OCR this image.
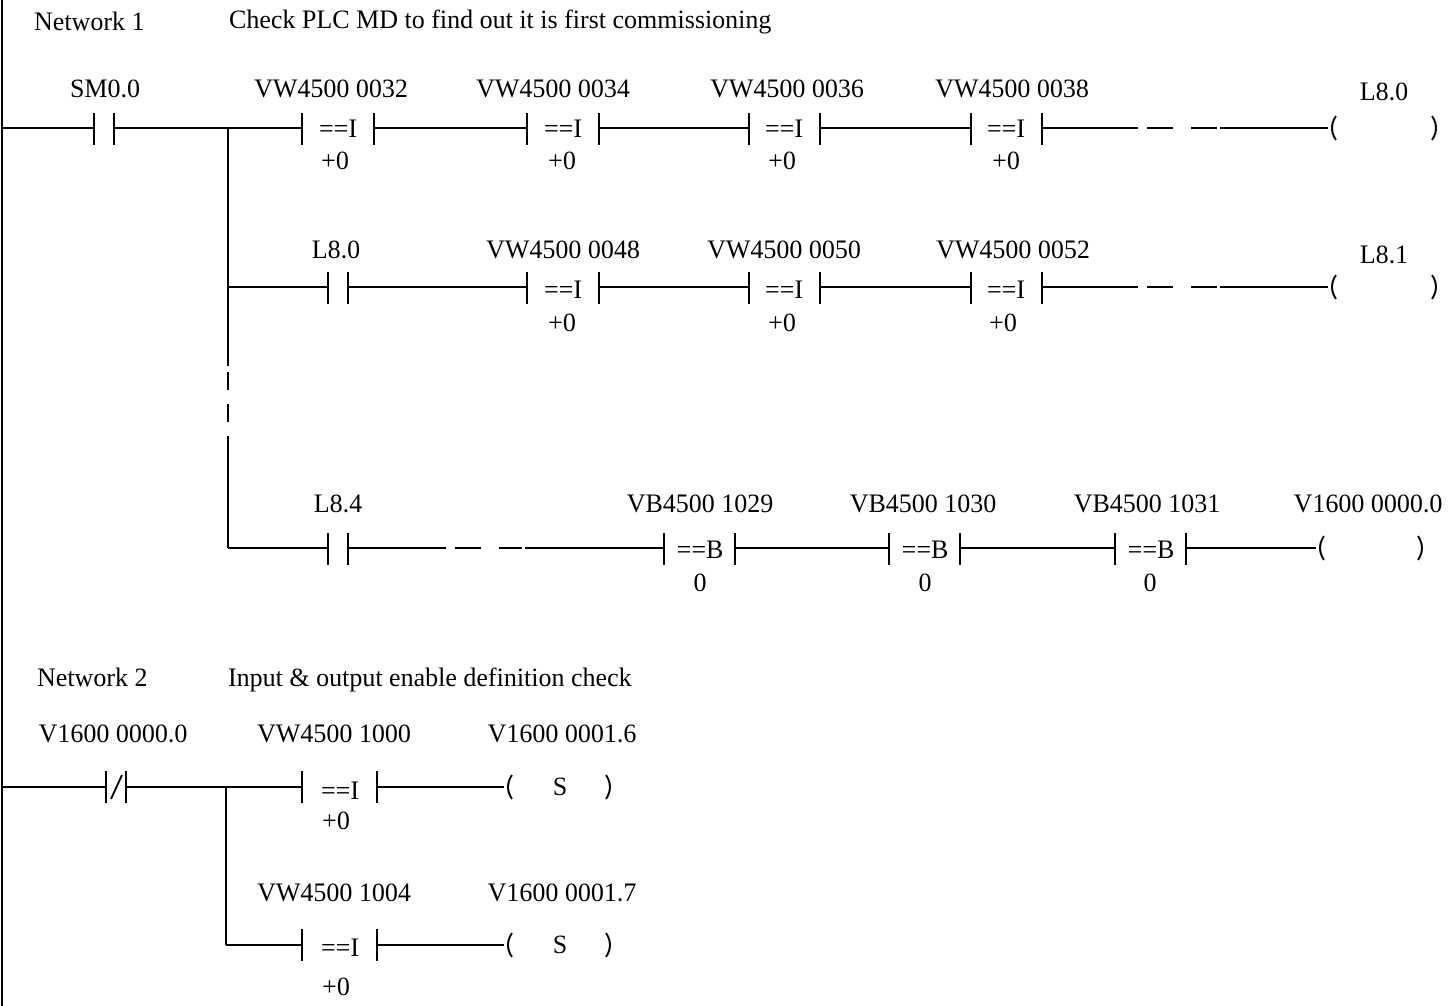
Network 1	Check PLC MD to find out it is first commissioning
SM0.0	VW4500 0032
==I
+0
VW4500 0034
==I
+0
VW4500 0036
==I
+0
VW4500 0038
==I
+0
L8.0
L8.0	VW4500 0048
==I
+0
VW4500 0050
==I
+0
VW4500 0052
==I
+0
L8.1
L8.4	VB4500 1029
==B
0
VB4500 1030
==B
0
VB4500 1031
==B
0
V1600 0000.0
Network 2	Input & output enable definition check
V1600 0000.0	VW4500 1000
==I
+0
V1600 0001.6
S
VW4500 1004
==I
+0
V1600 0001.7
S
